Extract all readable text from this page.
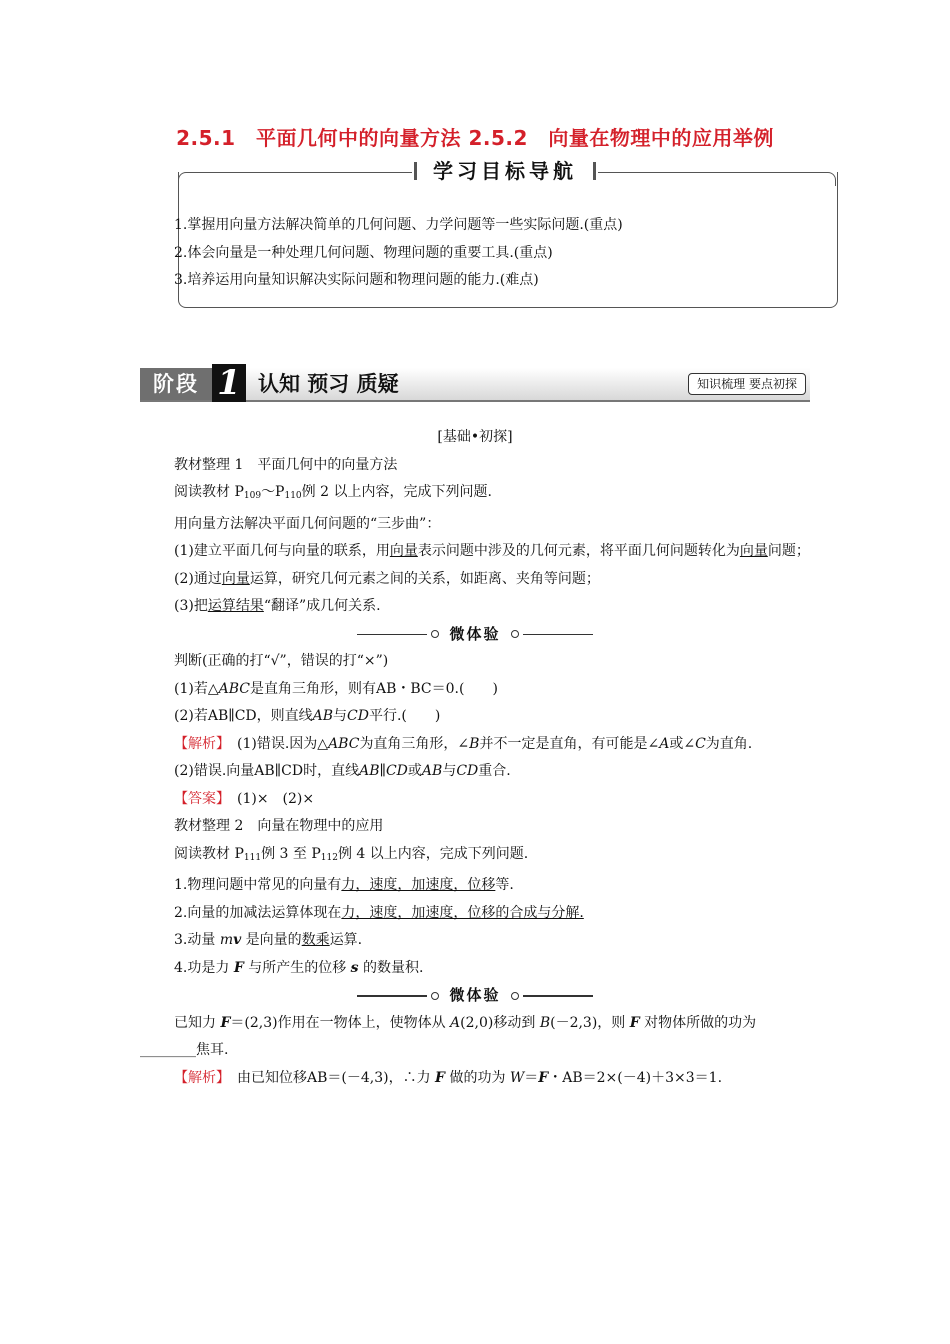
2.5.1　平面几何中的向量方法 2.5.2　向量在物理中的应用举例
学习目标导航
1.掌握用向量方法解决简单的几何问题、力学问题等一些实际问题.(重点)
2.体会向量是一种处理几何问题、物理问题的重要工具.(重点)
3.培养运用向量知识解决实际问题和物理问题的能力.(难点)
阶段 1 认知 预习 质疑	知识梳理 要点初探

[基础•初探]

教材整理 1　平面几何中的向量方法

阅读教材 $P_{109}\sim P_{110}$例 2 以上内容，完成下列问题.

用向量方法解决平面几何问题的“三步曲”：

(1)建立平面几何与向量的联系，用向量表示问题中涉及的几何元素，将平面几何问题转化为向量问题；

(2)通过向量运算，研究几何元素之间的关系，如距离、夹角等问题；

(3)把运算结果“翻译”成几何关系.

微体验

判断(正确的打“√”，错误的打“×”)

(1)若△ABC是直角三角形，则有AB・BC＝0.(　　)

(2)若AB∥CD，则直线AB与CD平行.(　　)

【解析】　(1)错误.因为△ABC为直角三角形，∠B并不一定是直角，有可能是∠A或∠C为直角.

(2)错误.向量AB∥CD时，直线AB∥CD或AB与CD重合.

【答案】　(1)×　(2)×

教材整理 2　向量在物理中的应用

阅读教材 $P_{111}$例 3 至 $P_{112}$例 4 以上内容，完成下列问题.

1.物理问题中常见的向量有力，速度，加速度，位移等.

2.向量的加减法运算体现在力，速度，加速度，位移的合成与分解.

3.动量 mv 是向量的数乘运算.

4.功是力 F 与所产生的位移 s 的数量积.

微体验

已知力 F＝(2,3)作用在一物体上，使物体从 A(2,0)移动到 B(－2,3)，则 F 对物体所做的功为________焦耳.

【解析】　由已知位移AB＝(－4,3)，∴力 F 做的功为 W＝F・AB＝2×(－4)＋3×3＝1.
